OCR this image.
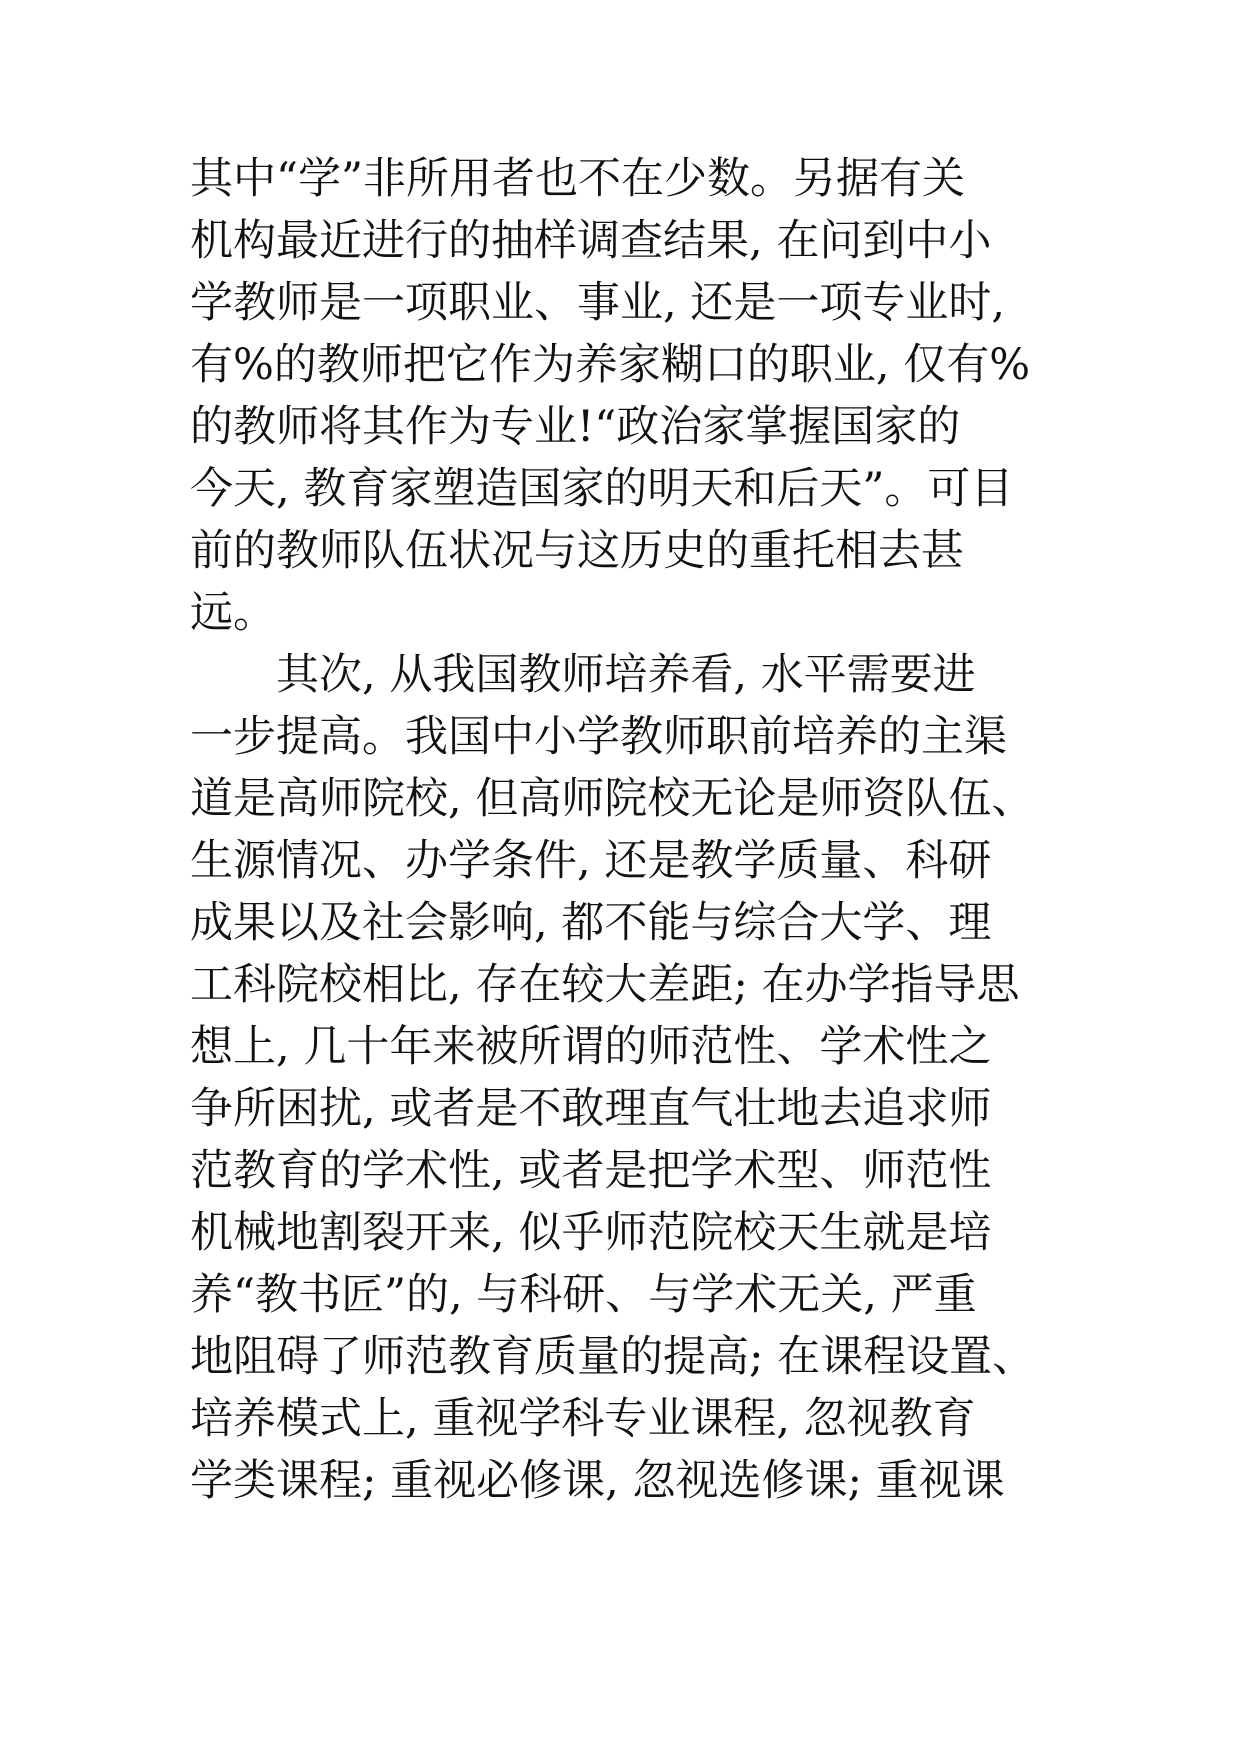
其中“学”非所用者也不在少数。另据有关
机构最近进行的抽样调查结果, 在问到中小
学教师是一项职业、事业, 还是一项专业时,
有%的教师把它作为养家糊口的职业, 仅有%
的教师将其作为专业!“政治家掌握国家的
今天, 教育家塑造国家的明天和后天”。可目
前的教师队伍状况与这历史的重托相去甚
远。
其次, 从我国教师培养看, 水平需要进
一步提高。我国中小学教师职前培养的主渠
道是高师院校, 但高师院校无论是师资队伍、
生源情况、办学条件, 还是教学质量、科研
成果以及社会影响, 都不能与综合大学、理
工科院校相比, 存在较大差距; 在办学指导思
想上, 几十年来被所谓的师范性、学术性之
争所困扰, 或者是不敢理直气壮地去追求师
范教育的学术性, 或者是把学术型、师范性
机械地割裂开来, 似乎师范院校天生就是培
养“教书匠”的, 与科研、与学术无关, 严重
地阻碍了师范教育质量的提高; 在课程设置、
培养模式上, 重视学科专业课程, 忽视教育
学类课程; 重视必修课, 忽视选修课; 重视课
